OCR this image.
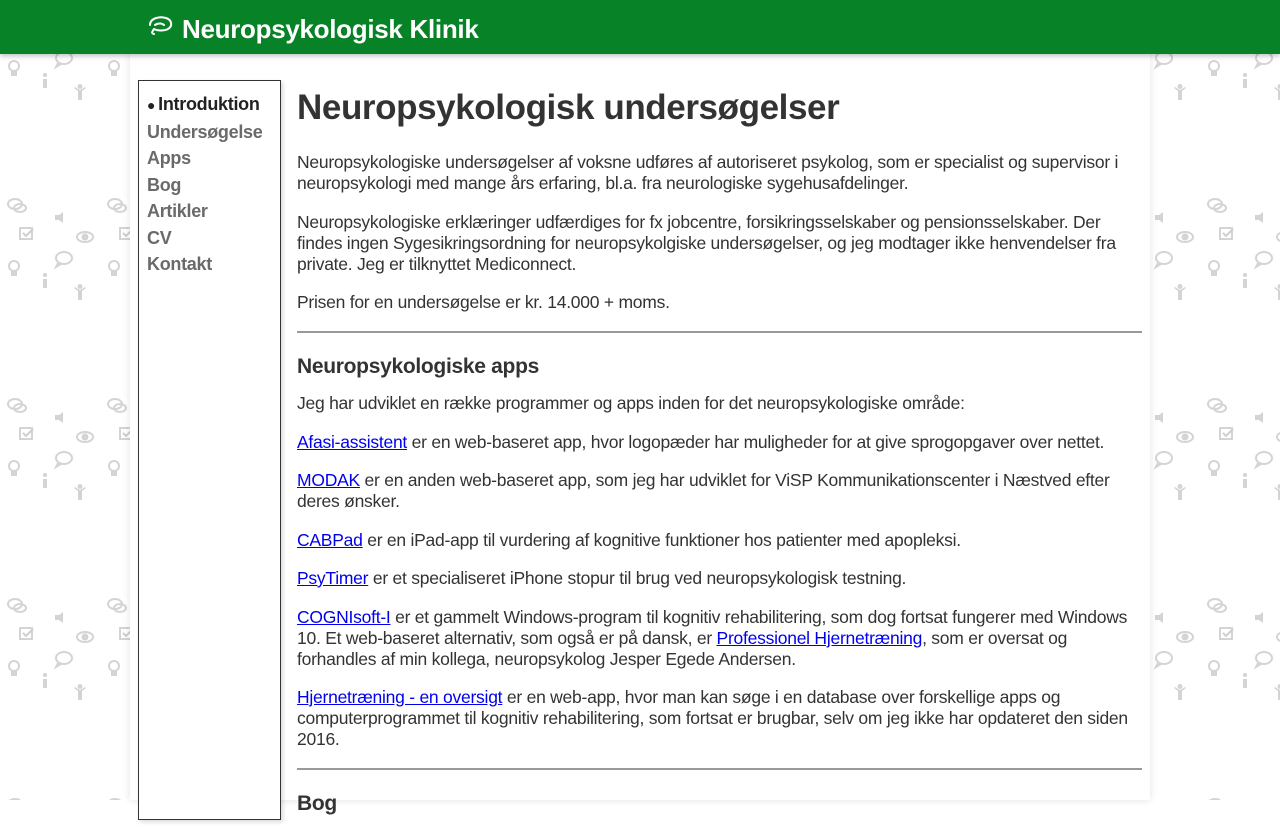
Neuropsykologisk Klinik
● Introduktion
Undersøgelse
Apps
Bog
Artikler
CV
Kontakt
Neuropsykologisk undersøgelser

Neuropsykologiske undersøgelser af voksne udføres af autoriseret psykolog, som er specialist og supervisor i neuropsykologi med mange års erfaring, bl.a. fra neurologiske sygehusafdelinger.

Neuropsykologiske erklæringer udfærdiges for fx jobcentre, forsikringsselskaber og pensionsselskaber. Der findes ingen Sygesikringsordning for neuropsykolgiske undersøgelser, og jeg modtager ikke henvendelser fra private. Jeg er tilknyttet Mediconnect.

Prisen for en undersøgelse er kr. 14.000 + moms.

Neuropsykologiske apps

Jeg har udviklet en række programmer og apps inden for det neuropsykologiske område:

Afasi-assistent er en web-baseret app, hvor logopæder har muligheder for at give sprogopgaver over nettet.

MODAK er en anden web-baseret app, som jeg har udviklet for ViSP Kommunikationscenter i Næstved efter deres ønsker.

CABPad er en iPad-app til vurdering af kognitive funktioner hos patienter med apopleksi.

PsyTimer er et specialiseret iPhone stopur til brug ved neuropsykologisk testning.

COGNIsoft-I er et gammelt Windows-program til kognitiv rehabilitering, som dog fortsat fungerer med Windows 10. Et web-baseret alternativ, som også er på dansk, er Professionel Hjernetræning, som er oversat og forhandles af min kollega, neuropsykolog Jesper Egede Andersen.

Hjernetræning - en oversigt er en web-app, hvor man kan søge i en database over forskellige apps og computerprogrammet til kognitiv rehabilitering, som fortsat er brugbar, selv om jeg ikke har opdateret den siden 2016.

Bog
